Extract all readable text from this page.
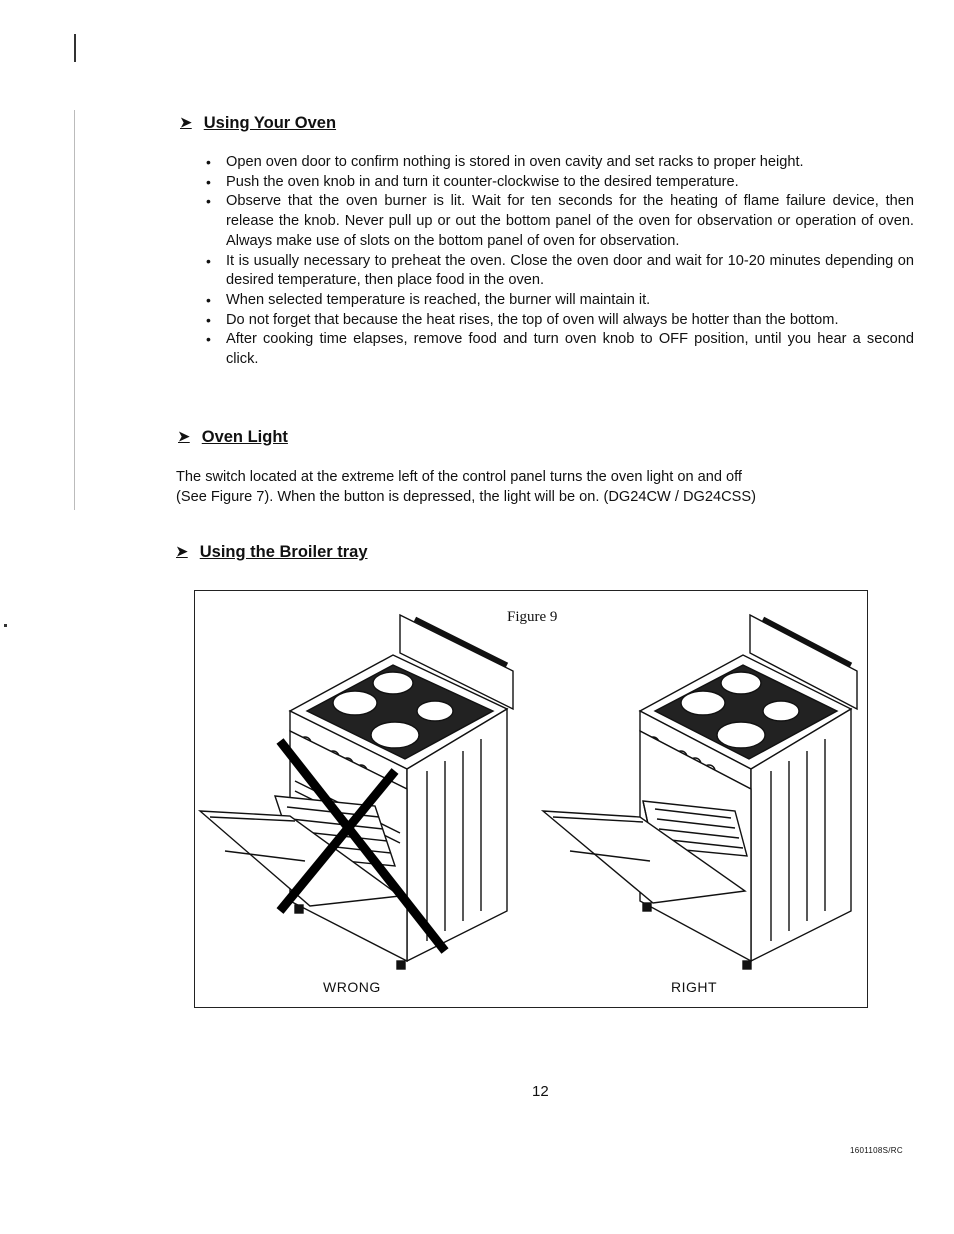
➤ Using Your Oven
• Open oven door to confirm nothing is stored in oven cavity and set racks to proper height.
• Push the oven knob in and turn it counter-clockwise to the desired temperature.
• Observe that the oven burner is lit. Wait for ten seconds for the heating of flame failure device, then release the knob. Never pull up or out the bottom panel of the oven for observation or operation of oven. Always make use of slots on the bottom panel of oven for observation.
• It is usually necessary to preheat the oven. Close the oven door and wait for 10-20 minutes depending on desired temperature, then place food in the oven.
• When selected temperature is reached, the burner will maintain it.
• Do not forget that because the heat rises, the top of oven will always be hotter than the bottom.
• After cooking time elapses, remove food and turn oven knob to OFF position, until you hear a second click.
➤ Oven Light

The switch located at the extreme left of the control panel turns the oven light on and off

(See Figure 7). When the button is depressed, the light will be on. (DG24CW / DG24CSS)

➤ Using the Broiler tray
Figure 9
WRONG	RIGHT
12
1601108S/RC
